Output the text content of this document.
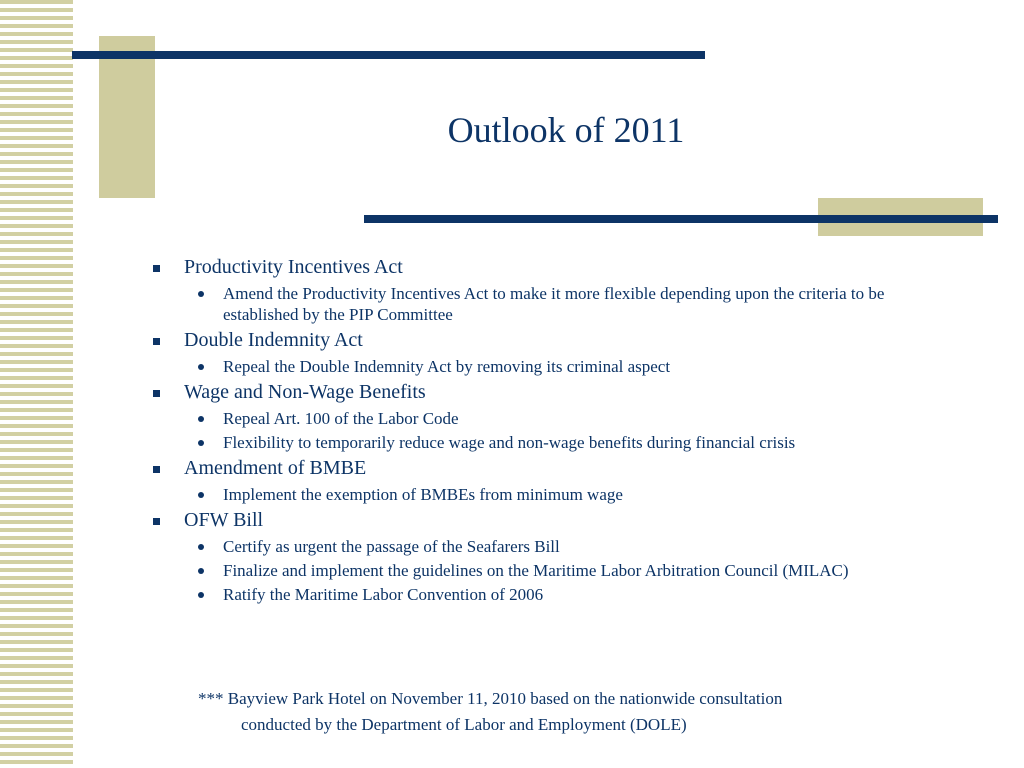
Outlook of 2011
Productivity Incentives Act
Amend the Productivity Incentives Act to make it more flexible depending upon the criteria to be established by the PIP Committee
Double Indemnity Act
Repeal the Double Indemnity Act by removing its criminal aspect
Wage and Non-Wage Benefits
Repeal Art. 100 of the Labor Code
Flexibility to temporarily reduce wage and non-wage benefits during financial crisis
Amendment of BMBE
Implement the exemption of BMBEs from minimum wage
OFW Bill
Certify as urgent the passage of the Seafarers Bill
Finalize and implement the guidelines on the Maritime Labor Arbitration Council (MILAC)
Ratify the Maritime Labor Convention of 2006
*** Bayview Park Hotel on November 11, 2010 based on the nationwide consultation
conducted by the Department of Labor and Employment (DOLE)
